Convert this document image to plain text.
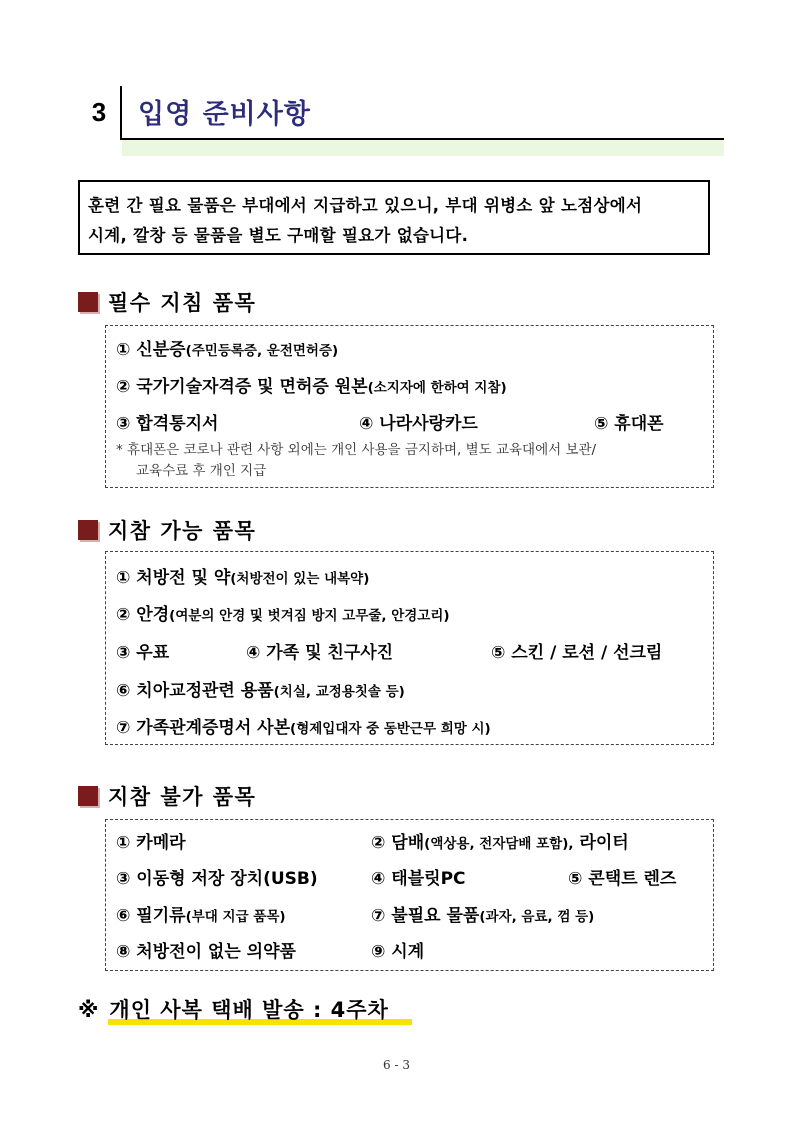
3	입영 준비사항
훈련 간 필요 물품은 부대에서 지급하고 있으니, 부대 위병소 앞 노점상에서
시계, 깔창 등 물품을 별도 구매할 필요가 없습니다.
필수 지침 품목
① 신분증(주민등록증, 운전면허증)
② 국가기술자격증 및 면허증 원본(소지자에 한하여 지참)
③ 합격통지서	④ 나라사랑카드	⑤ 휴대폰
* 휴대폰은 코로나 관련 사항 외에는 개인 사용을 금지하며, 별도 교육대에서 보관/
교육수료 후 개인 지급
지참 가능 품목
① 처방전 및 약(처방전이 있는 내복약)
② 안경(여분의 안경 및 벗겨짐 방지 고무줄, 안경고리)
③ 우표	④ 가족 및 친구사진	⑤ 스킨 / 로션 / 선크림
⑥ 치아교정관련 용품(치실, 교정용칫솔 등)
⑦ 가족관계증명서 사본(형제입대자 중 동반근무 희망 시)
지참 불가 품목
① 카메라	② 담배(액상용, 전자담배 포함), 라이터
③ 이동형 저장 장치(USB)	④ 태블릿PC	⑤ 콘택트 렌즈
⑥ 필기류(부대 지급 품목)	⑦ 불필요 물품(과자, 음료, 껌 등)
⑧ 처방전이 없는 의약품	⑨ 시계
※ 개인 사복 택배 발송 : 4주차
6 - 3
